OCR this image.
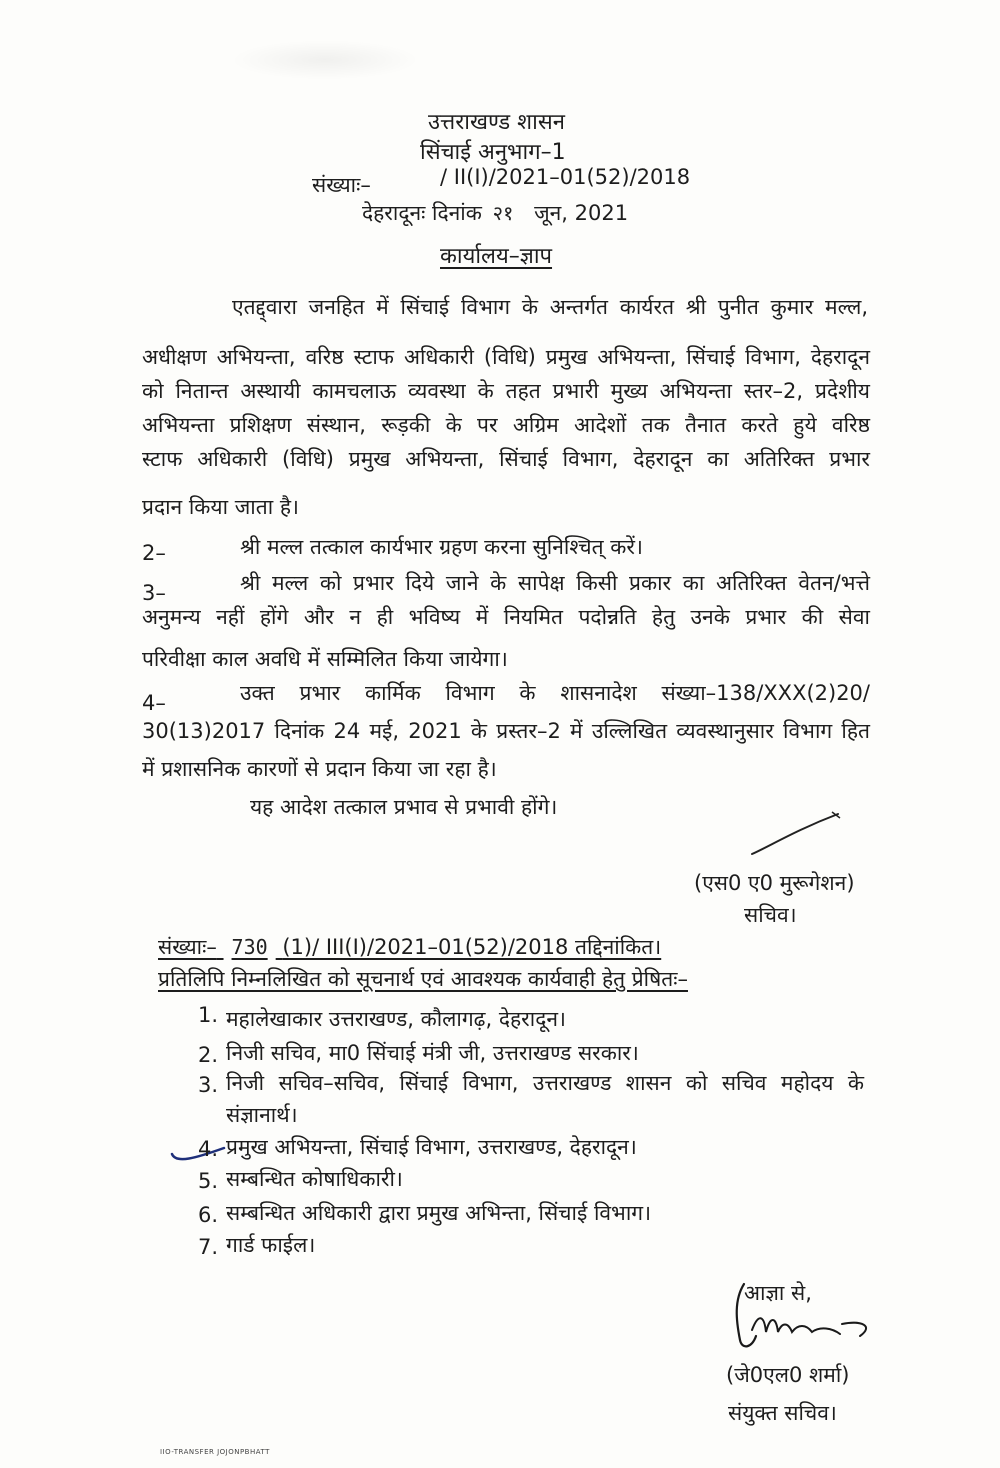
उत्तराखण्ड शासन
सिंचाई अनुभाग–1
संख्याः–	/ II(I)/2021–01(52)/2018
देहरादूनः दिनांक २१ जून, 2021
कार्यालय–ज्ञाप
एतद्द्वारा जनहित में सिंचाई विभाग के अन्तर्गत कार्यरत श्री पुनीत कुमार मल्ल,
अधीक्षण अभियन्ता, वरिष्ठ स्टाफ अधिकारी (विधि) प्रमुख अभियन्ता, सिंचाई विभाग, देहरादून
को नितान्त अस्थायी कामचलाऊ व्यवस्था के तहत प्रभारी मुख्य अभियन्ता स्तर–2, प्रदेशीय
अभियन्ता प्रशिक्षण संस्थान, रूड़की के पर अग्रिम आदेशों तक तैनात करते हुये वरिष्ठ
स्टाफ अधिकारी (विधि) प्रमुख अभियन्ता, सिंचाई विभाग, देहरादून का अतिरिक्त प्रभार
प्रदान किया जाता है।
2–	श्री मल्ल तत्काल कार्यभार ग्रहण करना सुनिश्चित् करें।
3–	श्री मल्ल को प्रभार दिये जाने के सापेक्ष किसी प्रकार का अतिरिक्त वेतन/भत्ते
अनुमन्य नहीं होंगे और न ही भविष्य में नियमित पदोन्नति हेतु उनके प्रभार की सेवा
परिवीक्षा काल अवधि में सम्मिलित किया जायेगा।
4–	उक्त प्रभार कार्मिक विभाग के शासनादेश संख्या–138/XXX(2)20/
30(13)2017 दिनांक 24 मई, 2021 के प्रस्तर–2 में उल्लिखित व्यवस्थानुसार विभाग हित
में प्रशासनिक कारणों से प्रदान किया जा रहा है।
यह आदेश तत्काल प्रभाव से प्रभावी होंगे।
(एस0 ए0 मुरूगेशन)
सचिव।
संख्याः– 730 (1)/ III(I)/2021–01(52)/2018 तद्दिनांकित।
प्रतिलिपि निम्नलिखित को सूचनार्थ एवं आवश्यक कार्यवाही हेतु प्रेषितः–
1. महालेखाकार उत्तराखण्ड, कौलागढ़, देहरादून।
2. निजी सचिव, मा0 सिंचाई मंत्री जी, उत्तराखण्ड सरकार।
3. निजी सचिव–सचिव, सिंचाई विभाग, उत्तराखण्ड शासन को सचिव महोदय के
संज्ञानार्थ।
4. प्रमुख अभियन्ता, सिंचाई विभाग, उत्तराखण्ड, देहरादून।
5. सम्बन्धित कोषाधिकारी।
6. सम्बन्धित अधिकारी द्वारा प्रमुख अभिन्ता, सिंचाई विभाग।
7. गार्ड फाईल।
आज्ञा से,
(जे0एल0 शर्मा)
संयुक्त सचिव।
IIO-TRANSFER JOJONPBHATT
